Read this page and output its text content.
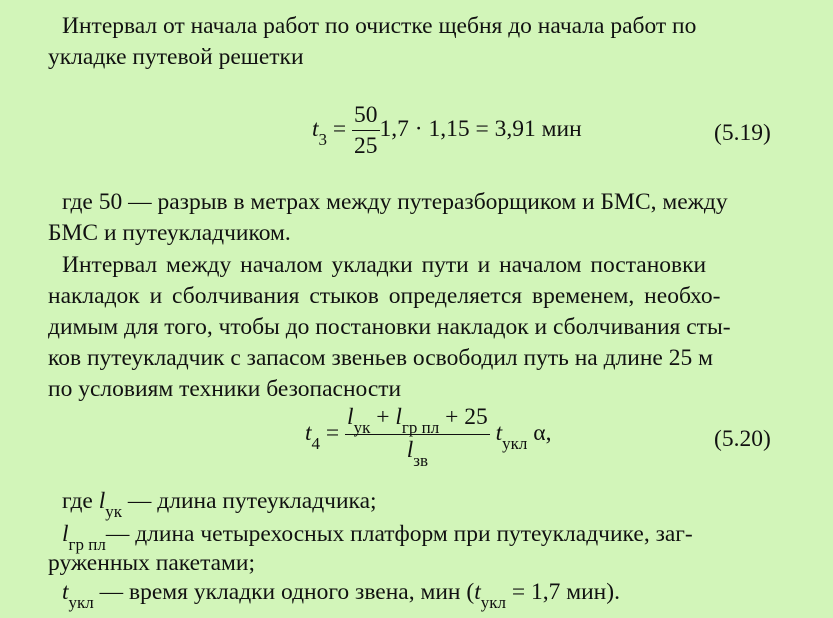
Интервал от начала работ по очистке щебня до начала работ по
укладке путевой решетки
$t_3 = \frac{50}{25} 1,7 \cdot 1,15 = 3,91$ мин	(5.19)
где 50 — разрыв в метрах между путеразборщиком и БМС, между
БМС и путеукладчиком.
Интервал между началом укладки пути и началом постановки
накладок и сболчивания стыков определяется временем, необхо-
димым для того, чтобы до постановки накладок и сболчивания сты-
ков путеукладчик с запасом звеньев освободил путь на длине 25 м
по условиям техники безопасности
$t_4 = \frac{l_{ук} + l_{гр пл} + 25}{l_{зв}} t_{укл}$ α,	(5.20)
где $l_{ук}$ — длина путеукладчика;
$l_{гр пл}—$ длина четырехосных платформ при путеукладчике, заг-
руженных пакетами;
$t_{укл}$ — время укладки одного звена, мин ($t_{укл} = 1,7$ мин).
